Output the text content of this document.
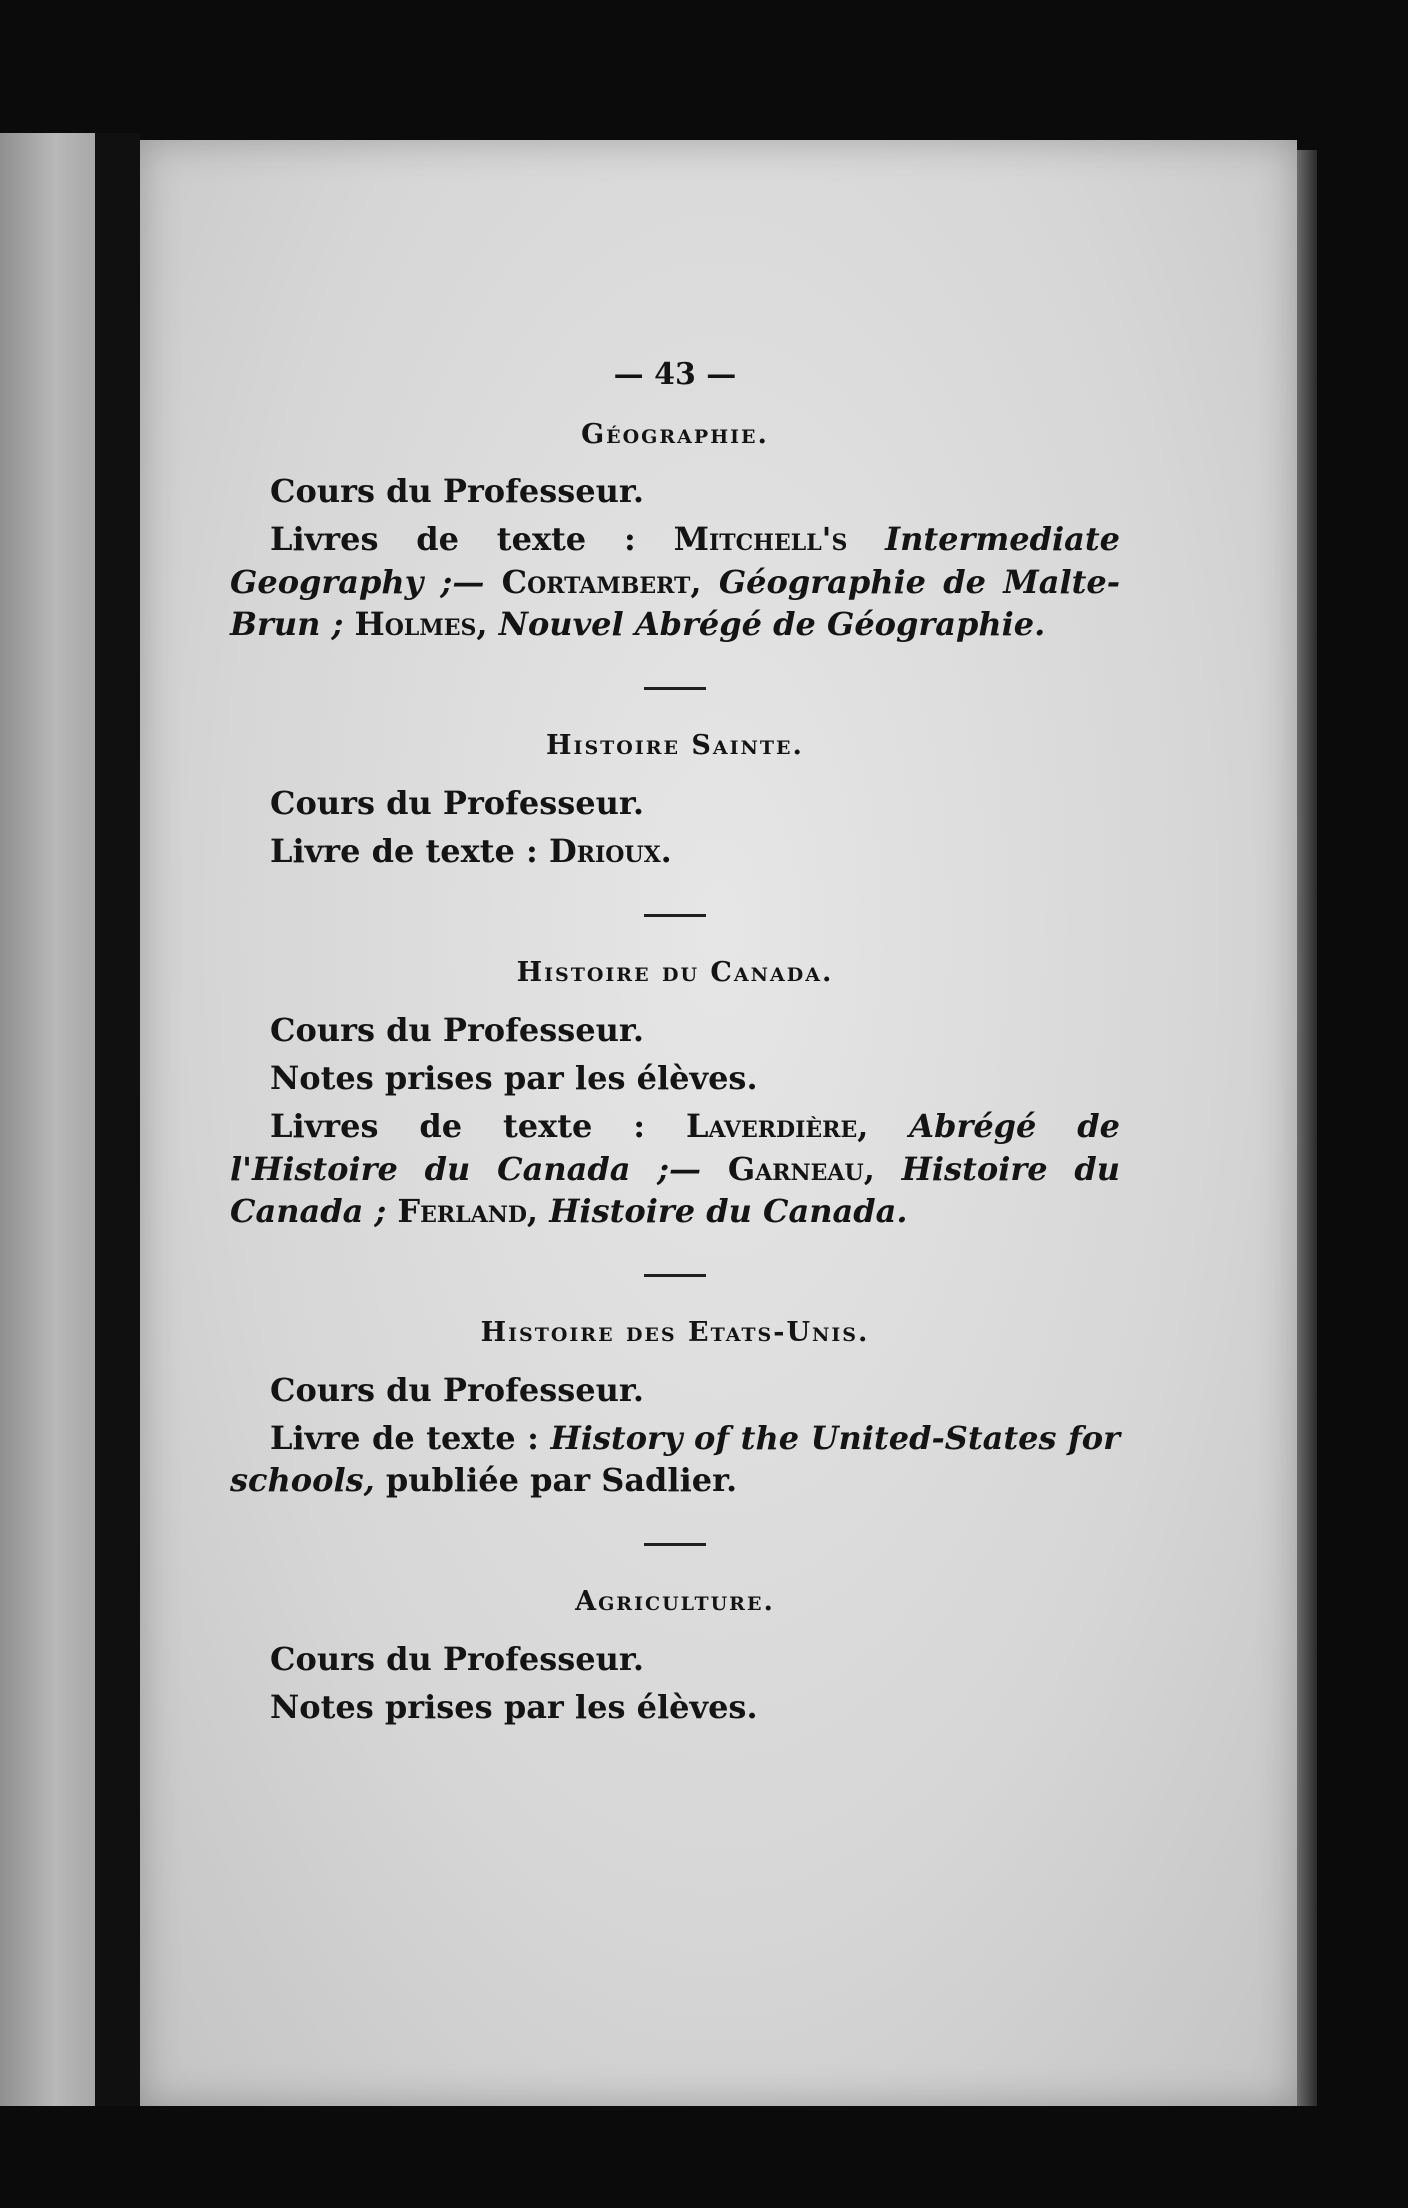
— 43 —
Géographie.
Cours du Professeur.
Livres de texte : Mitchell's Intermediate Geography ;— Cortambert, Géographie de Malte-Brun ; Holmes, Nouvel Abrégé de Géographie.
Histoire Sainte.
Cours du Professeur.
Livre de texte : Drioux.
Histoire du Canada.
Cours du Professeur.
Notes prises par les élèves.
Livres de texte : Laverdière, Abrégé de l'Histoire du Canada ;— Garneau, Histoire du Canada ; Ferland, Histoire du Canada.
Histoire des Etats-Unis.
Cours du Professeur.
Livre de texte : History of the United-States for schools, publiée par Sadlier.
Agriculture.
Cours du Professeur.
Notes prises par les élèves.
